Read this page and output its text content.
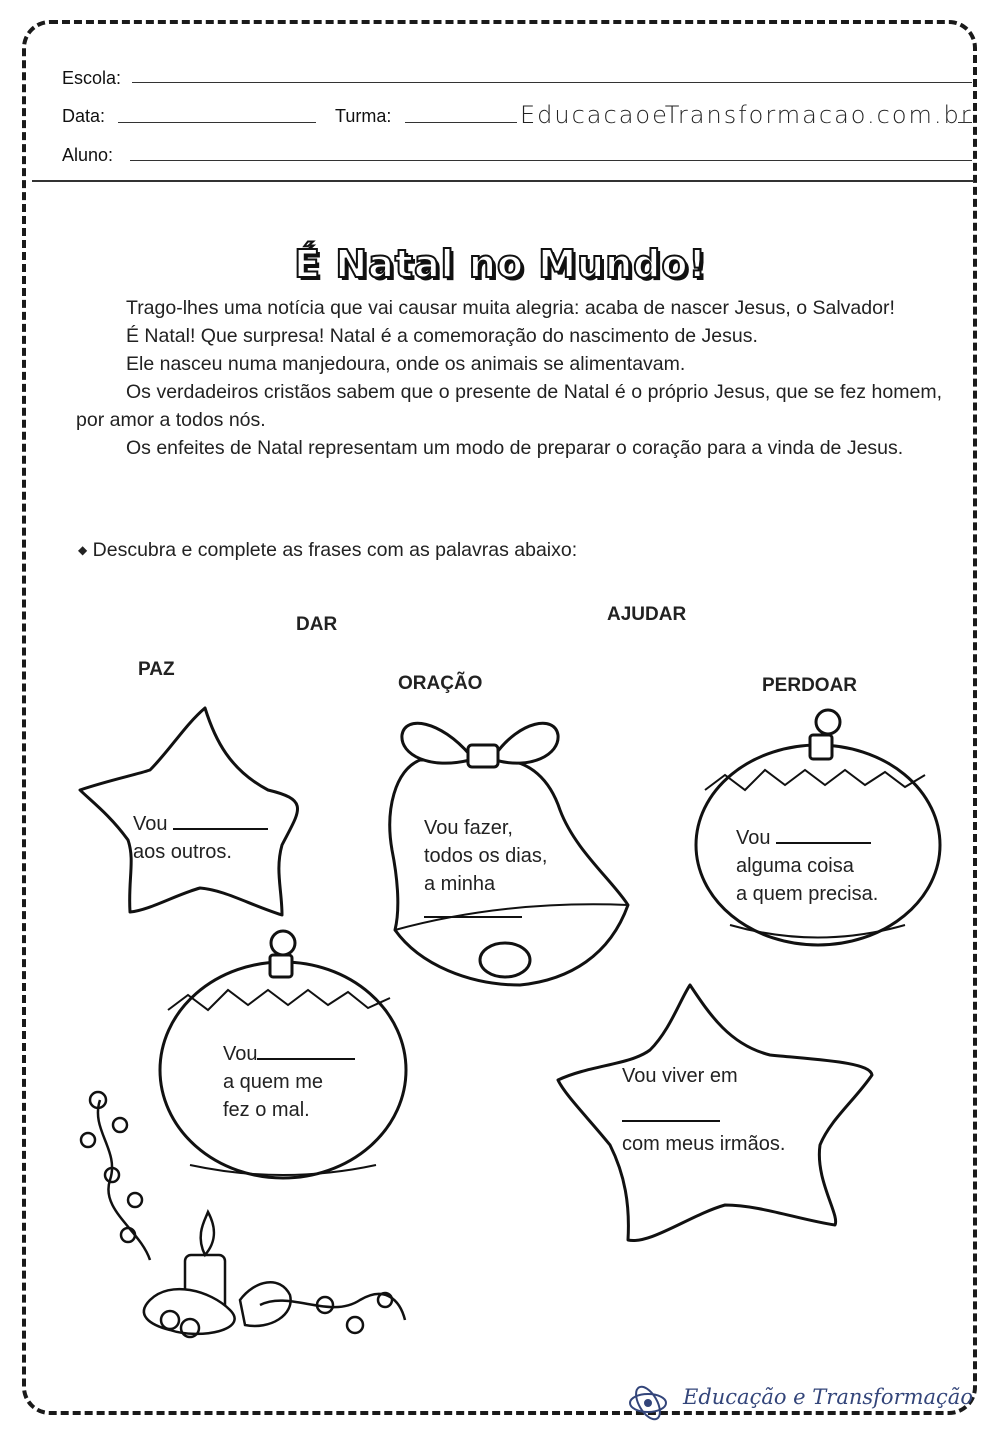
Escola:
Data:	Turma:	EducacaoeTransformacao.com.br
Aluno:
É Natal no Mundo!

Trago-lhes uma notícia que vai causar muita alegria: acaba de nascer Jesus, o Salvador!

É Natal! Que surpresa! Natal é a comemoração do nascimento de Jesus.

Ele nasceu numa manjedoura, onde os animais se alimentavam.

Os verdadeiros cristãos sabem que o presente de Natal é o próprio Jesus, que se fez homem, por amor a todos nós.

Os enfeites de Natal representam um modo de preparar o coração para a vinda de Jesus.

◆ Descubra e complete as frases com as palavras abaixo:
DAR	AJUDAR
PAZ
ORAÇÃO	PERDOAR
Vou
aos outros.
Vou fazer,
todos os dias,
a minha
Vou
alguma coisa
a quem precisa.
Vou
a quem me
fez o mal.
Vou viver em
com meus irmãos.
Educação e Transformação
